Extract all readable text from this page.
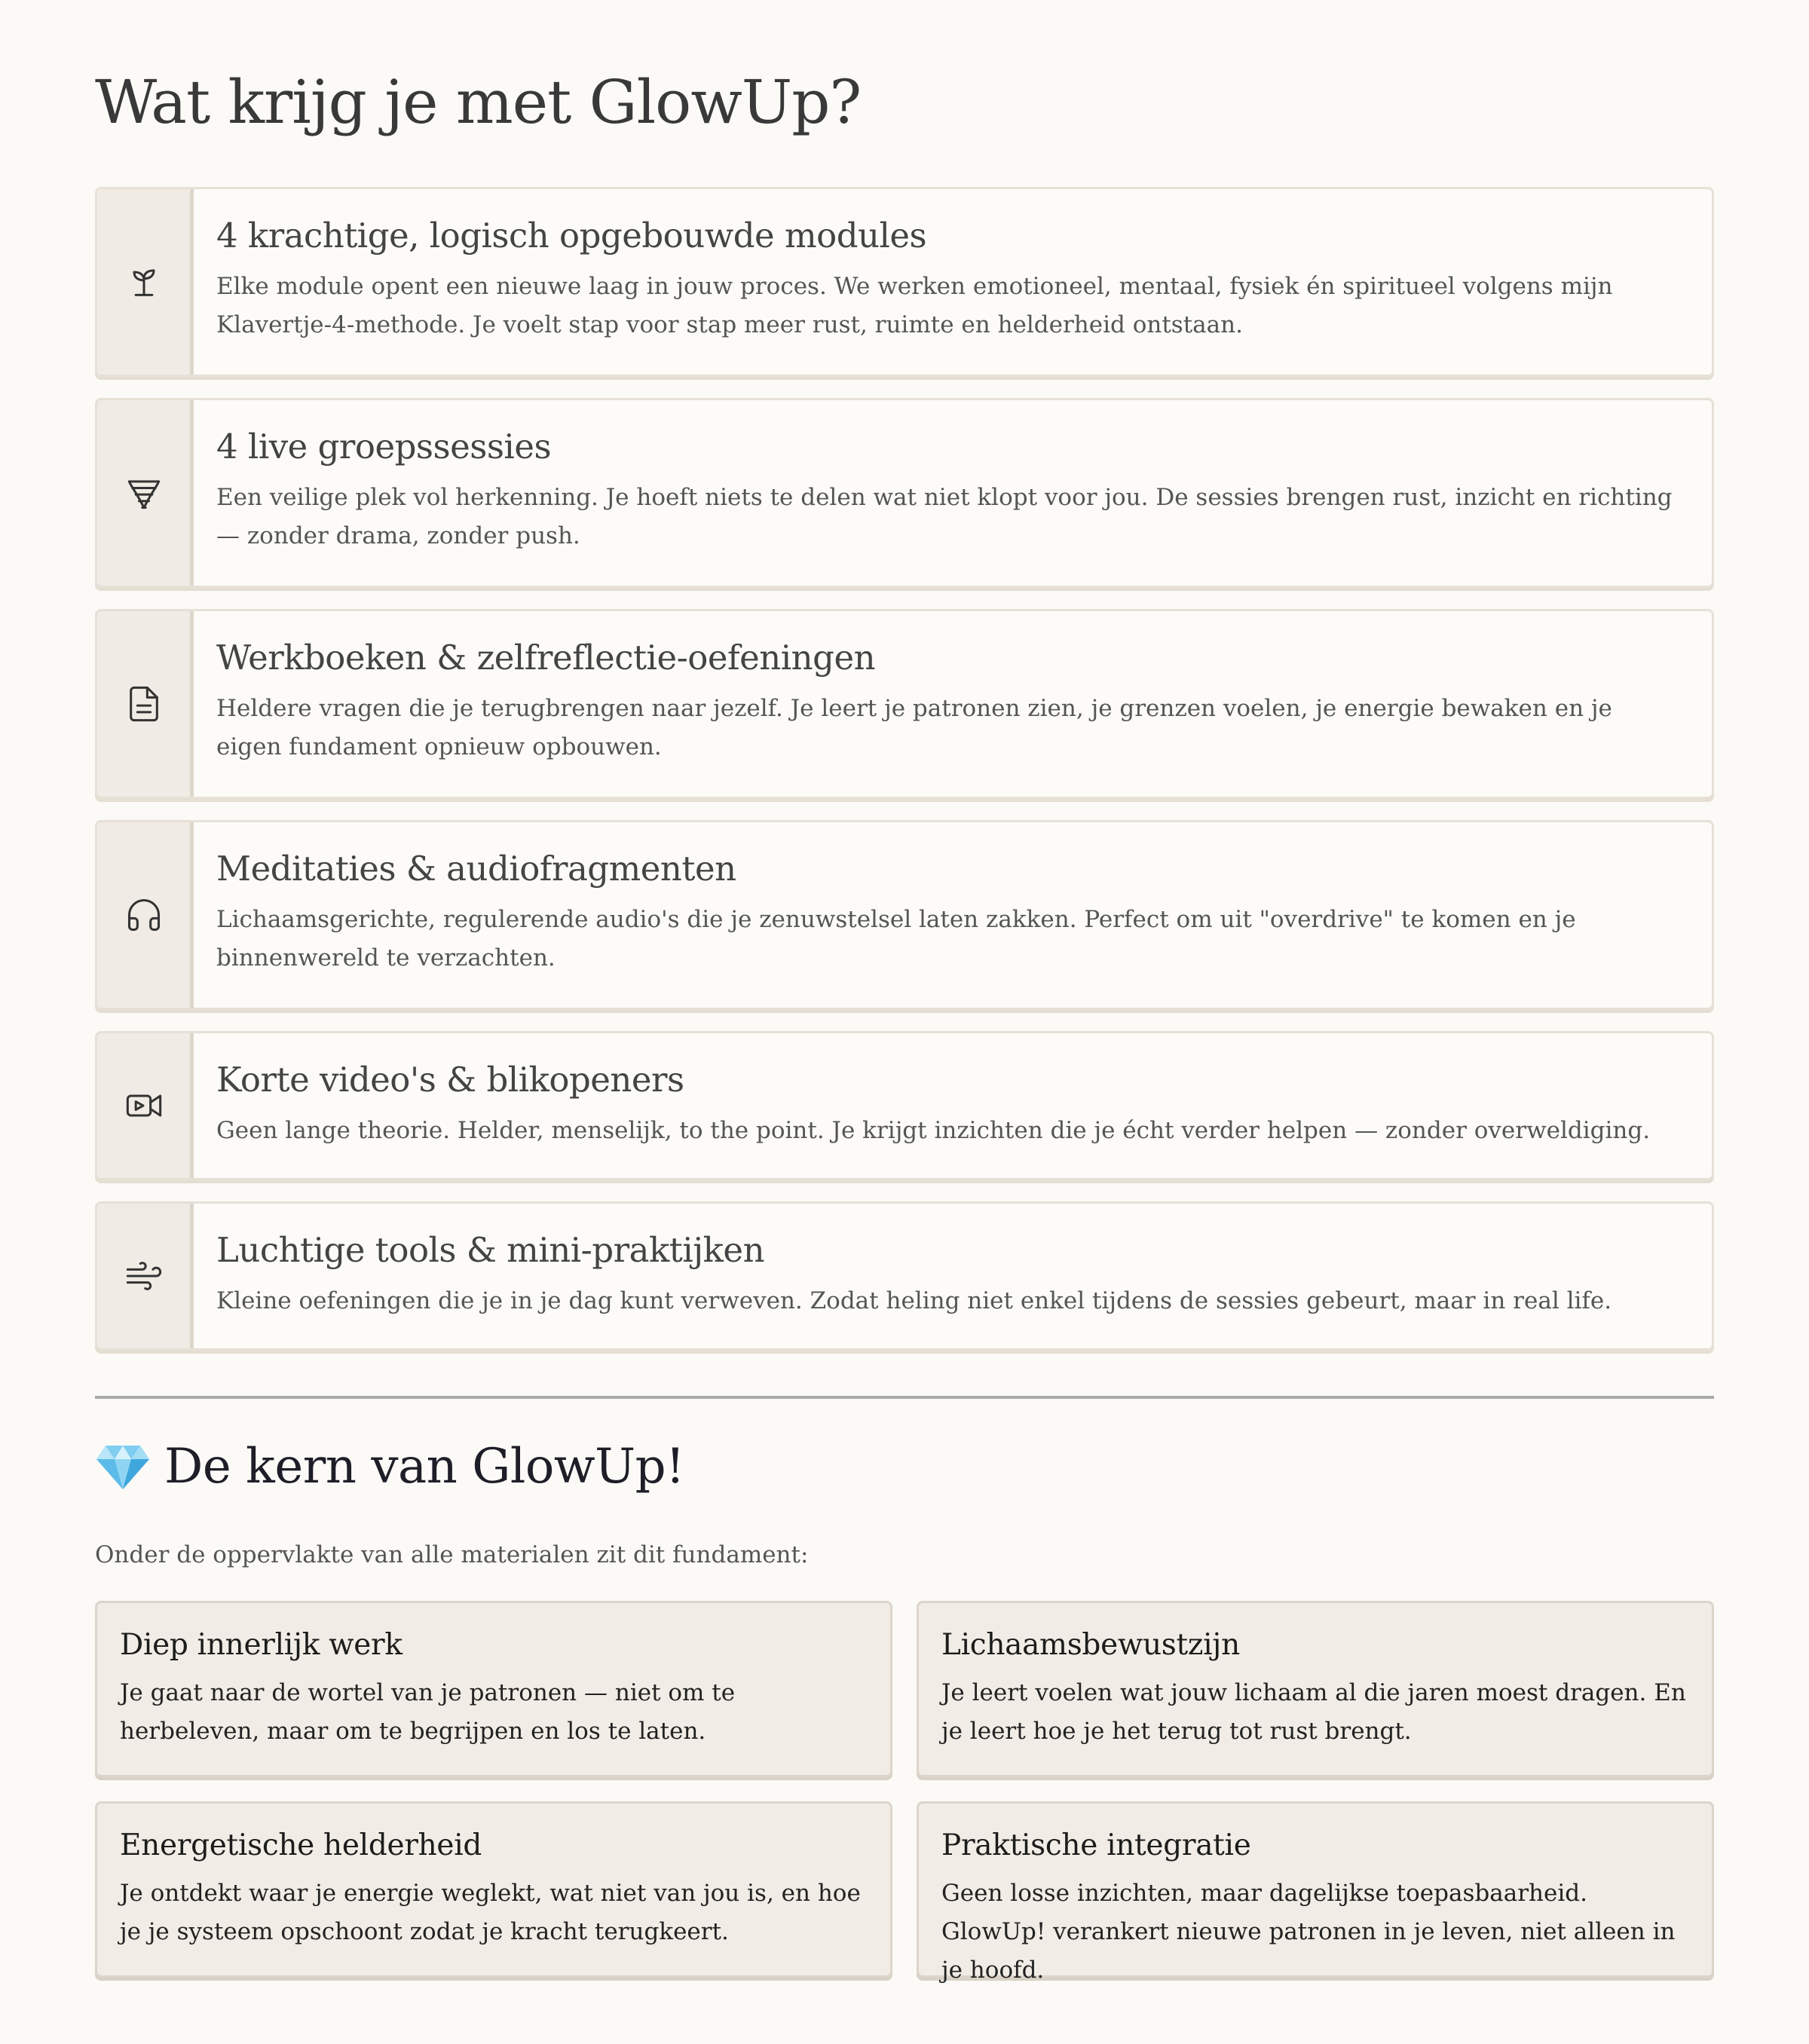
Wat krijg je met GlowUp?
4 krachtige, logisch opgebouwde modules

Elke module opent een nieuwe laag in jouw proces. We werken emotioneel, mentaal, fysiek én spiritueel volgens mijn Klavertje-4-methode. Je voelt stap voor stap meer rust, ruimte en helderheid ontstaan.

4 live groepssessies

Een veilige plek vol herkenning. Je hoeft niets te delen wat niet klopt voor jou. De sessies brengen rust, inzicht en richting — zonder drama, zonder push.

Werkboeken & zelfreflectie-oefeningen

Heldere vragen die je terugbrengen naar jezelf. Je leert je patronen zien, je grenzen voelen, je energie bewaken en je eigen fundament opnieuw opbouwen.

Meditaties & audiofragmenten

Lichaamsgerichte, regulerende audio's die je zenuwstelsel laten zakken. Perfect om uit "overdrive" te komen en je binnenwereld te verzachten.

Korte video's & blikopeners

Geen lange theorie. Helder, menselijk, to the point. Je krijgt inzichten die je écht verder helpen — zonder overweldiging.

Luchtige tools & mini-praktijken

Kleine oefeningen die je in je dag kunt verweven. Zodat heling niet enkel tijdens de sessies gebeurt, maar in real life.

De kern van GlowUp!

Onder de oppervlakte van alle materialen zit dit fundament:

Diep innerlijk werk

Je gaat naar de wortel van je patronen — niet om te herbeleven, maar om te begrijpen en los te laten.

Lichaamsbewustzijn

Je leert voelen wat jouw lichaam al die jaren moest dragen. En je leert hoe je het terug tot rust brengt.

Energetische helderheid

Je ontdekt waar je energie weglekt, wat niet van jou is, en hoe je je systeem opschoont zodat je kracht terugkeert.

Praktische integratie

Geen losse inzichten, maar dagelijkse toepasbaarheid. GlowUp! verankert nieuwe patronen in je leven, niet alleen in je hoofd.
